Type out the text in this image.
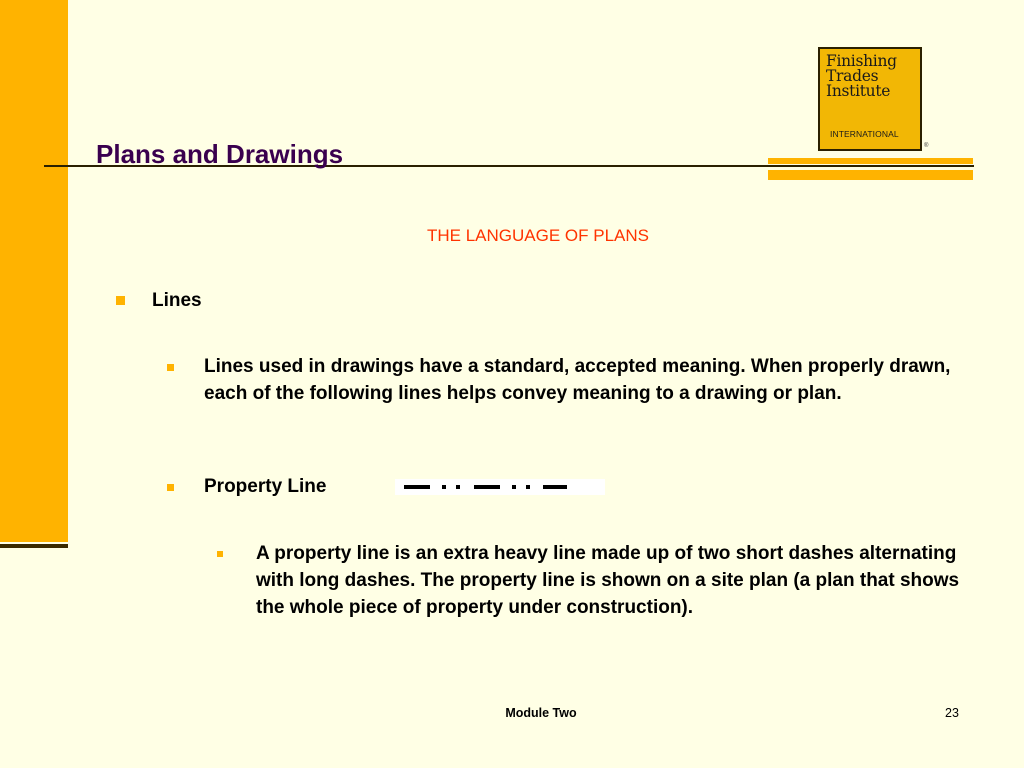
Finishing
Trades
Institute
INTERNATIONAL
®
Plans and Drawings
THE LANGUAGE OF PLANS
Lines
Lines used in drawings have a standard, accepted meaning. When properly drawn, each of the following lines helps convey meaning to a drawing or plan.
Property Line
A property line is an extra heavy line made up of two short dashes alternating with long dashes. The property line is shown on a site plan (a plan that shows the whole piece of property under construction).
Module Two	23
